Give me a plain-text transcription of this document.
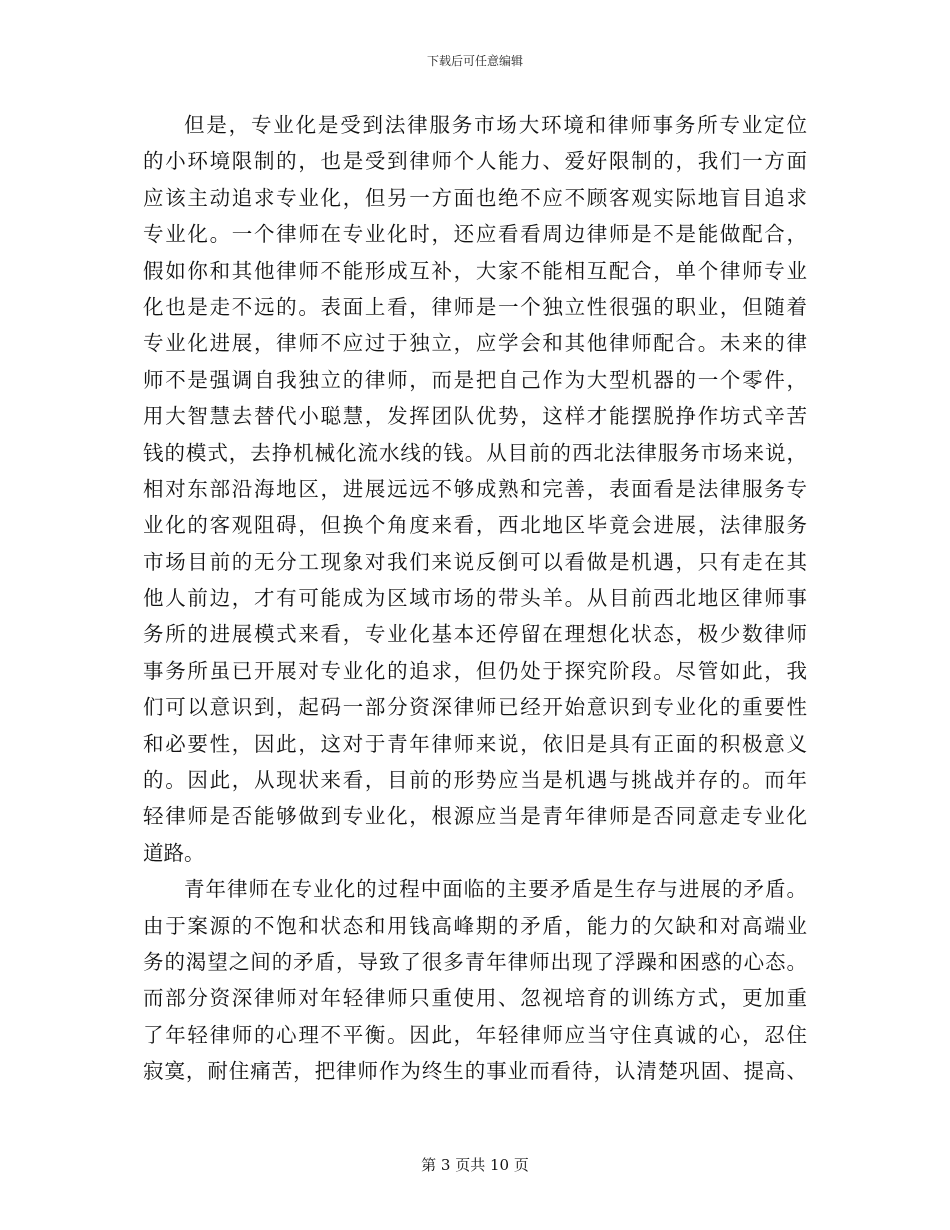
下载后可任意编辑
但是，专业化是受到法律服务市场大环境和律师事务所专业定位
的小环境限制的，也是受到律师个人能力、爱好限制的，我们一方面
应该主动追求专业化，但另一方面也绝不应不顾客观实际地盲目追求
专业化。一个律师在专业化时，还应看看周边律师是不是能做配合，
假如你和其他律师不能形成互补，大家不能相互配合，单个律师专业
化也是走不远的。表面上看，律师是一个独立性很强的职业，但随着
专业化进展，律师不应过于独立，应学会和其他律师配合。未来的律
师不是强调自我独立的律师，而是把自己作为大型机器的一个零件，
用大智慧去替代小聪慧，发挥团队优势，这样才能摆脱挣作坊式辛苦
钱的模式，去挣机械化流水线的钱。从目前的西北法律服务市场来说，
相对东部沿海地区，进展远远不够成熟和完善，表面看是法律服务专
业化的客观阻碍，但换个角度来看，西北地区毕竟会进展，法律服务
市场目前的无分工现象对我们来说反倒可以看做是机遇，只有走在其
他人前边，才有可能成为区域市场的带头羊。从目前西北地区律师事
务所的进展模式来看，专业化基本还停留在理想化状态，极少数律师
事务所虽已开展对专业化的追求，但仍处于探究阶段。尽管如此，我
们可以意识到，起码一部分资深律师已经开始意识到专业化的重要性
和必要性，因此，这对于青年律师来说，依旧是具有正面的积极意义
的。因此，从现状来看，目前的形势应当是机遇与挑战并存的。而年
轻律师是否能够做到专业化，根源应当是青年律师是否同意走专业化
道路。
青年律师在专业化的过程中面临的主要矛盾是生存与进展的矛盾。
由于案源的不饱和状态和用钱高峰期的矛盾，能力的欠缺和对高端业
务的渴望之间的矛盾，导致了很多青年律师出现了浮躁和困惑的心态。
而部分资深律师对年轻律师只重使用、忽视培育的训练方式，更加重
了年轻律师的心理不平衡。因此，年轻律师应当守住真诚的心，忍住
寂寞，耐住痛苦，把律师作为终生的事业而看待，认清楚巩固、提高、
第 3 页共 10 页
